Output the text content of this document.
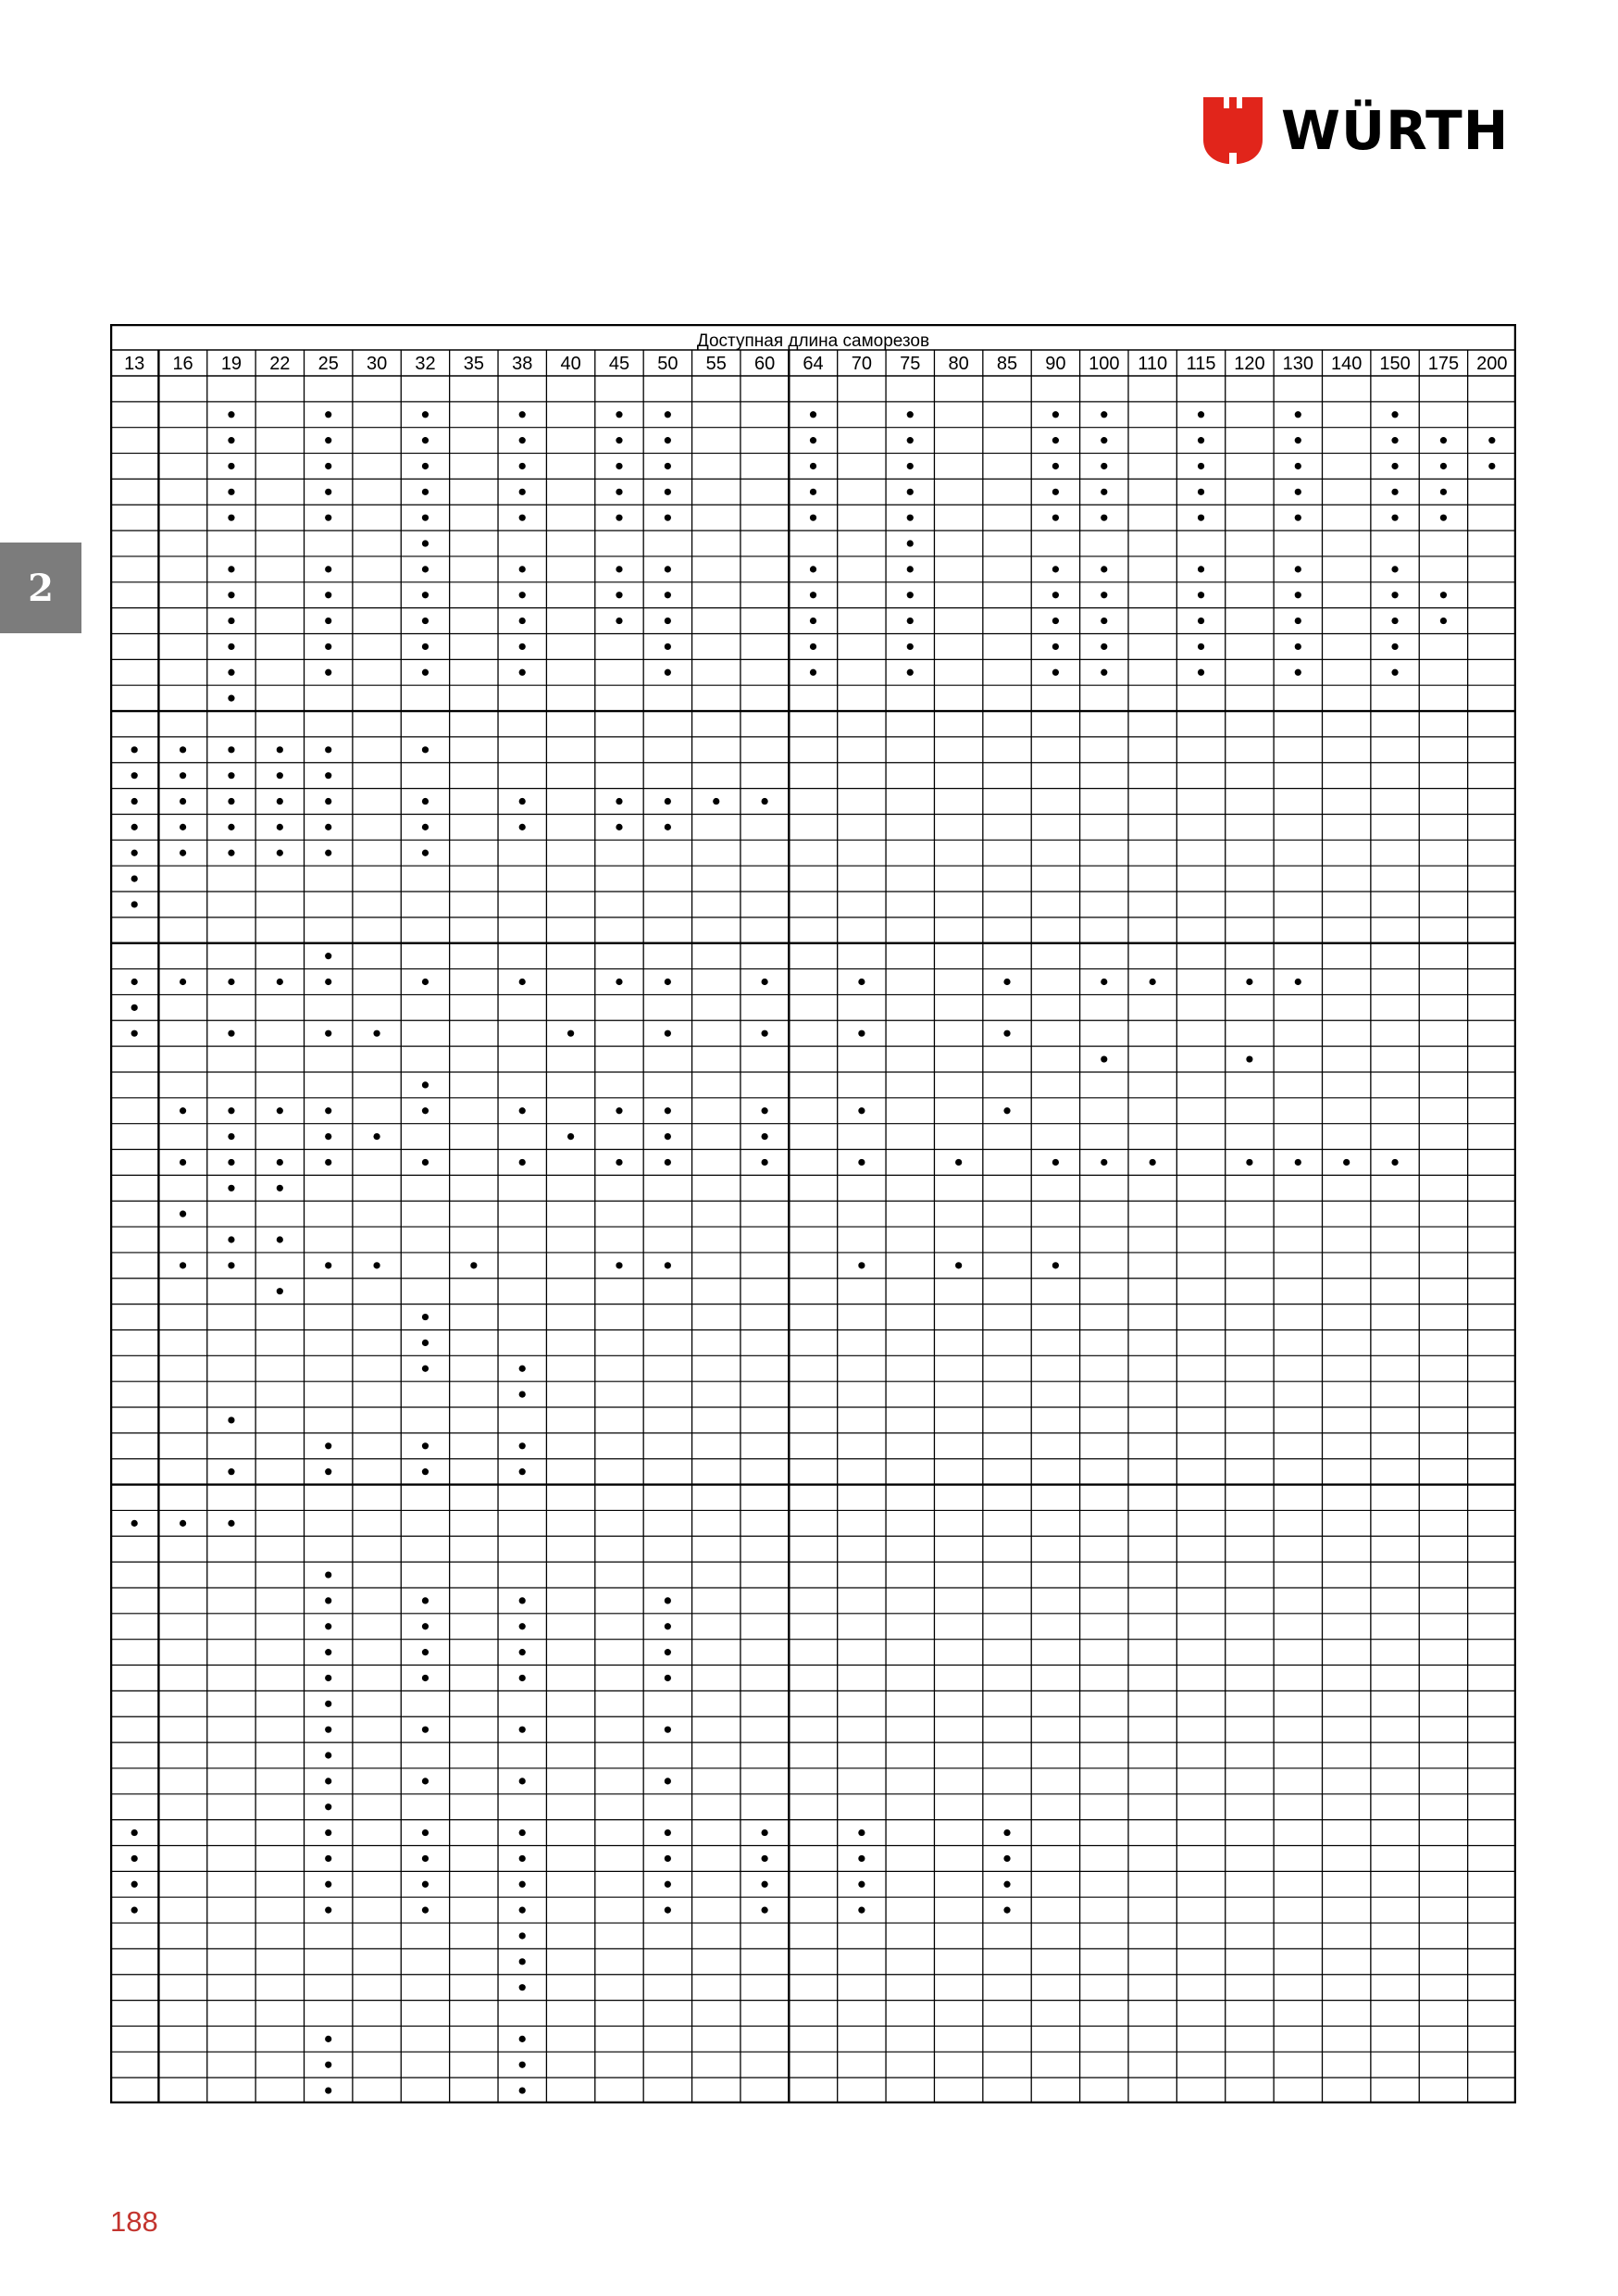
WÜRTH
2
Доступная длина саморезов
13 16 19 22 25 30 32 35 38 40 45 50 55 60 64 70 75 80 85 90 100 110 115 120 130 140 150 175 200
188
